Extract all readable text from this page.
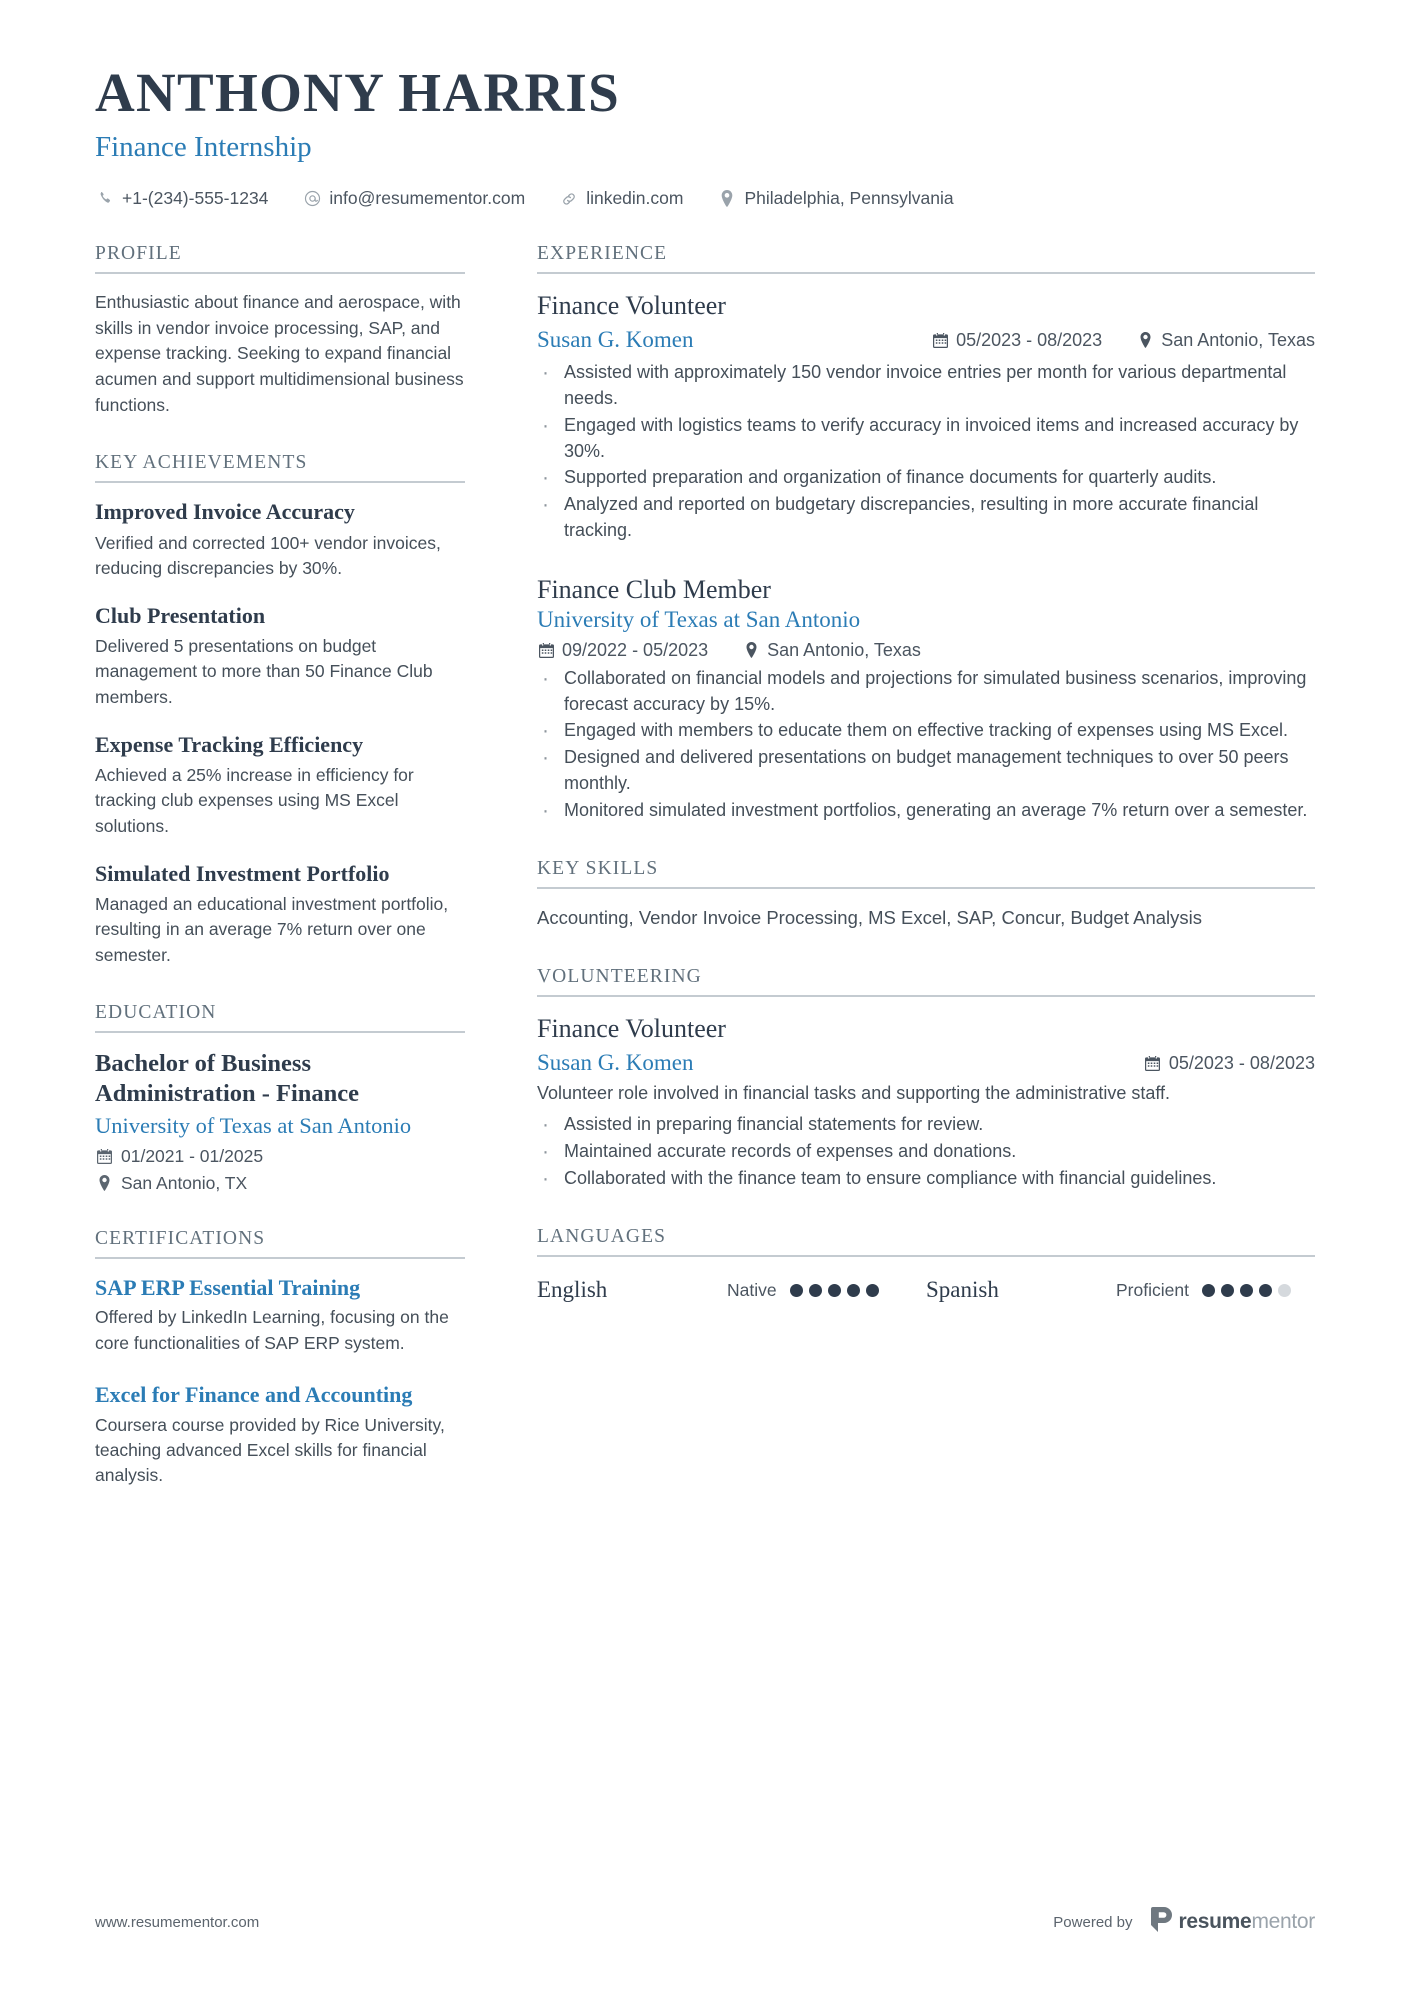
ANTHONY HARRIS
Finance Internship
+1-(234)-555-1234	info@resumementor.com	linkedin.com	Philadelphia, Pennsylvania
PROFILE
Enthusiastic about finance and aerospace, with skills in vendor invoice processing, SAP, and expense tracking. Seeking to expand financial acumen and support multidimensional business functions.
KEY ACHIEVEMENTS
Improved Invoice Accuracy
Verified and corrected 100+ vendor invoices, reducing discrepancies by 30%.
Club Presentation
Delivered 5 presentations on budget management to more than 50 Finance Club members.
Expense Tracking Efficiency
Achieved a 25% increase in efficiency for tracking club expenses using MS Excel solutions.
Simulated Investment Portfolio
Managed an educational investment portfolio, resulting in an average 7% return over one semester.
EDUCATION
Bachelor of Business Administration - Finance
University of Texas at San Antonio
01/2021 - 01/2025
San Antonio, TX
CERTIFICATIONS
SAP ERP Essential Training
Offered by LinkedIn Learning, focusing on the core functionalities of SAP ERP system.
Excel for Finance and Accounting
Coursera course provided by Rice University, teaching advanced Excel skills for financial analysis.
EXPERIENCE
Finance Volunteer
Susan G. Komen	05/2023 - 08/2023	San Antonio, Texas
· Assisted with approximately 150 vendor invoice entries per month for various departmental needs.
· Engaged with logistics teams to verify accuracy in invoiced items and increased accuracy by 30%.
· Supported preparation and organization of finance documents for quarterly audits.
· Analyzed and reported on budgetary discrepancies, resulting in more accurate financial tracking.
Finance Club Member
University of Texas at San Antonio
09/2022 - 05/2023	San Antonio, Texas
· Collaborated on financial models and projections for simulated business scenarios, improving forecast accuracy by 15%.
· Engaged with members to educate them on effective tracking of expenses using MS Excel.
· Designed and delivered presentations on budget management techniques to over 50 peers monthly.
· Monitored simulated investment portfolios, generating an average 7% return over a semester.
KEY SKILLS
Accounting, Vendor Invoice Processing, MS Excel, SAP, Concur, Budget Analysis
VOLUNTEERING
Finance Volunteer
Susan G. Komen	05/2023 - 08/2023
Volunteer role involved in financial tasks and supporting the administrative staff.
· Assisted in preparing financial statements for review.
· Maintained accurate records of expenses and donations.
· Collaborated with the finance team to ensure compliance with financial guidelines.
LANGUAGES
English	Native	Spanish	Proficient
www.resumementor.com	Powered by resumementor
